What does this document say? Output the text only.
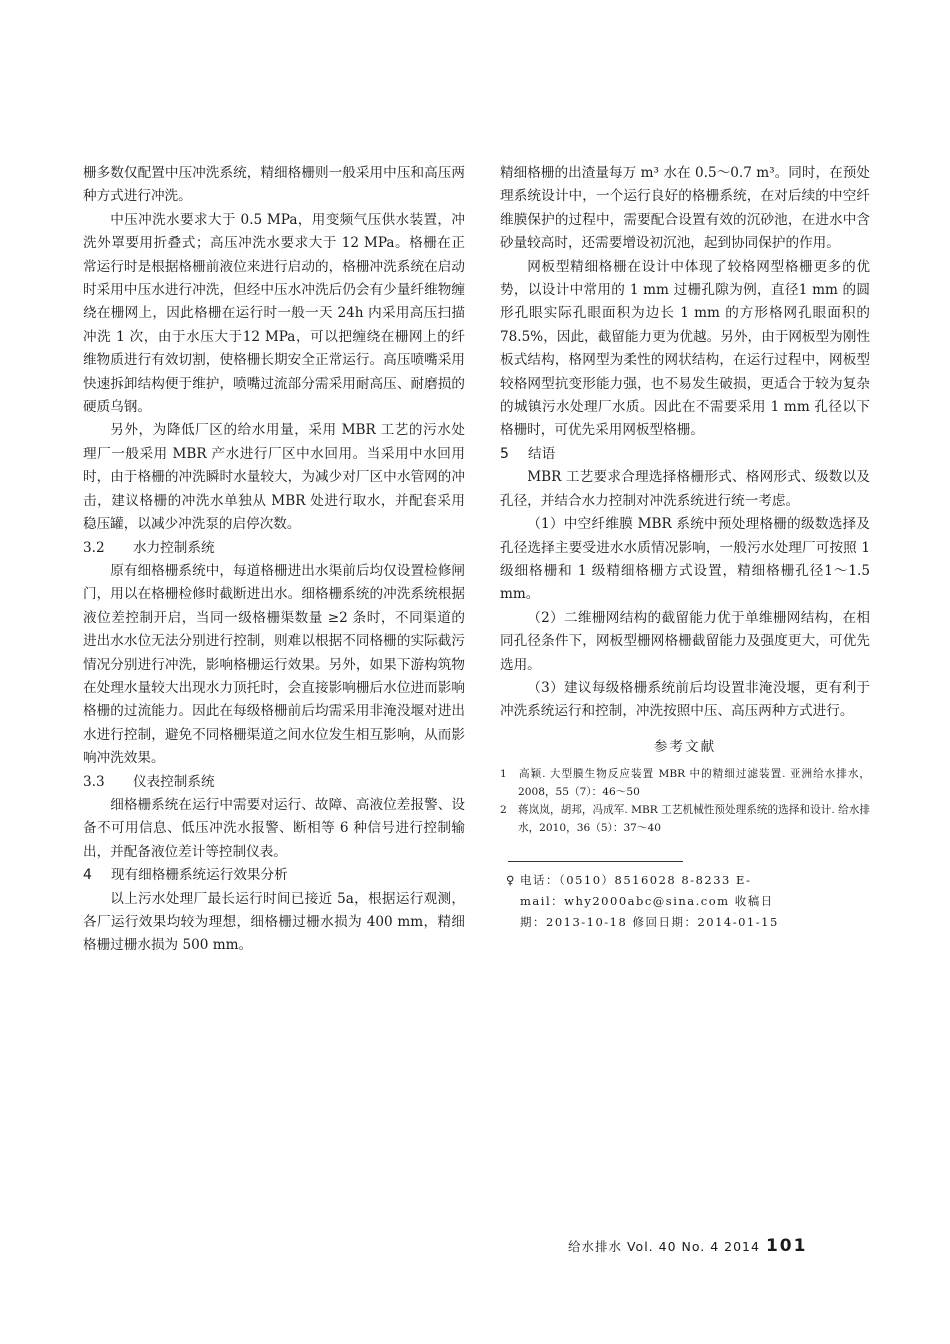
栅多数仅配置中压冲洗系统，精细格栅则一般采用中压和高压两种方式进行冲洗。

中压冲洗水要求大于 0.5 MPa，用变频气压供水装置，冲洗外罩要用折叠式；高压冲洗水要求大于 12 MPa。格栅在正常运行时是根据格栅前液位来进行启动的，格栅冲洗系统在启动时采用中压水进行冲洗，但经中压水冲洗后仍会有少量纤维物缠绕在栅网上，因此格栅在运行时一般一天 24h 内采用高压扫描冲洗 1 次，由于水压大于12 MPa，可以把缠绕在栅网上的纤维物质进行有效切割，使格栅长期安全正常运行。高压喷嘴采用快速拆卸结构便于维护，喷嘴过流部分需采用耐高压、耐磨损的硬质乌钢。

另外，为降低厂区的给水用量，采用 MBR 工艺的污水处理厂一般采用 MBR 产水进行厂区中水回用。当采用中水回用时，由于格栅的冲洗瞬时水量较大，为减少对厂区中水管网的冲击，建议格栅的冲洗水单独从 MBR 处进行取水，并配套采用稳压罐，以减少冲洗泵的启停次数。

3.2 水力控制系统

原有细格栅系统中，每道格栅进出水渠前后均仅设置检修闸门，用以在格栅检修时截断进出水。细格栅系统的冲洗系统根据液位差控制开启，当同一级格栅渠数量 ≥2 条时，不同渠道的进出水水位无法分别进行控制，则难以根据不同格栅的实际截污情况分别进行冲洗，影响格栅运行效果。另外，如果下游构筑物在处理水量较大出现水力顶托时，会直接影响栅后水位进而影响格栅的过流能力。因此在每级格栅前后均需采用非淹没堰对进出水进行控制，避免不同格栅渠道之间水位发生相互影响，从而影响冲洗效果。

3.3 仪表控制系统

细格栅系统在运行中需要对运行、故障、高液位差报警、设备不可用信息、低压冲洗水报警、断相等 6 种信号进行控制输出，并配备液位差计等控制仪表。

4 现有细格栅系统运行效果分析

以上污水处理厂最长运行时间已接近 5a，根据运行观测，各厂运行效果均较为理想，细格栅过栅水损为 400 mm，精细格栅过栅水损为 500 mm。

精细格栅的出渣量每万 m³ 水在 0.5～0.7 m³。同时，在预处理系统设计中，一个运行良好的格栅系统，在对后续的中空纤维膜保护的过程中，需要配合设置有效的沉砂池，在进水中含砂量较高时，还需要增设初沉池，起到协同保护的作用。

网板型精细格栅在设计中体现了较格网型格栅更多的优势，以设计中常用的 1 mm 过栅孔隙为例，直径1 mm 的圆形孔眼实际孔眼面积为边长 1 mm 的方形格网孔眼面积的 78.5%，因此，截留能力更为优越。另外，由于网板型为刚性板式结构，格网型为柔性的网状结构，在运行过程中，网板型较格网型抗变形能力强，也不易发生破损，更适合于较为复杂的城镇污水处理厂水质。因此在不需要采用 1 mm 孔径以下格栅时，可优先采用网板型格栅。

5 结语

MBR 工艺要求合理选择格栅形式、格网形式、级数以及孔径，并结合水力控制对冲洗系统进行统一考虑。

（1）中空纤维膜 MBR 系统中预处理格栅的级数选择及孔径选择主要受进水水质情况影响，一般污水处理厂可按照 1 级细格栅和 1 级精细格栅方式设置，精细格栅孔径1～1.5 mm。

（2）二维栅网结构的截留能力优于单维栅网结构，在相同孔径条件下，网板型栅网格栅截留能力及强度更大，可优先选用。

（3）建议每级格栅系统前后均设置非淹没堰，更有利于冲洗系统运行和控制，冲洗按照中压、高压两种方式进行。

参考文献

1 高颖. 大型膜生物反应装置 MBR 中的精细过滤装置. 亚洲给水排水，2008，55（7）：46～50

2 蒋岚岚，胡邦，冯成军. MBR 工艺机械性预处理系统的选择和设计. 给水排水，2010，36（5）：37～40

♀ 电话：（0510）8516028 8-8233 E-mail：why2000abc@sina.com 收稿日期：2013-10-18 修回日期：2014-01-15
给水排水 Vol. 40 No. 4 2014 101
